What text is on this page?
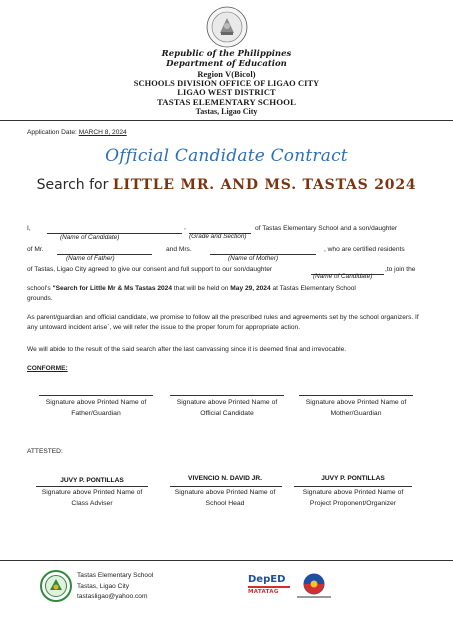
Republic of the Philippines
Department of Education
Region V(Bicol)
SCHOOLS DIVISION OFFICE OF LIGAO CITY
LIGAO WEST DISTRICT
TASTAS ELEMENTARY SCHOOL
Tastas, Ligao City
Application Date: MARCH 8, 2024
Official Candidate Contract
Search for LITTLE MR. AND MS. TASTAS 2024
I,	,	of Tastas Elementary School and a son/daughter
(Name of Candidate)	(Grade and Section)
of Mr.	and Mrs.	, who are certified residents
(Name of Father)	(Name of Mother)
of Tastas, Ligao City agreed to give our consent and full support to our son/daughter	,to join the
(Name of Candidate)
school's "Search for Little Mr & Ms Tastas 2024 that will be held on May 29, 2024 at Tastas Elementary School
grounds.
As parent/guardian and official candidate, we promise to follow all the prescribed rules and agreements set by the school organizers. If any untoward incident arise`, we will refer the issue to the proper forum for appropriate action.
We will abide to the result of the said search after the last canvassing since it is deemed final and irrevocable.
CONFORME:
Signature above Printed Name of
Father/Guardian
Signature above Printed Name of
Official Candidate
Signature above Printed Name of
Mother/Guardian
ATTESTED:
JUVY P. PONTILLAS
Signature above Printed Name of
Class Adviser
VIVENCIO N. DAVID JR.
Signature above Printed Name of
School Head
JUVY P. PONTILLAS
Signature above Printed Name of
Project Proponent/Organizer
Tastas Elementary School
Tastas, Ligao City
tastasligao@yahoo.com
DepED
MATATAG
